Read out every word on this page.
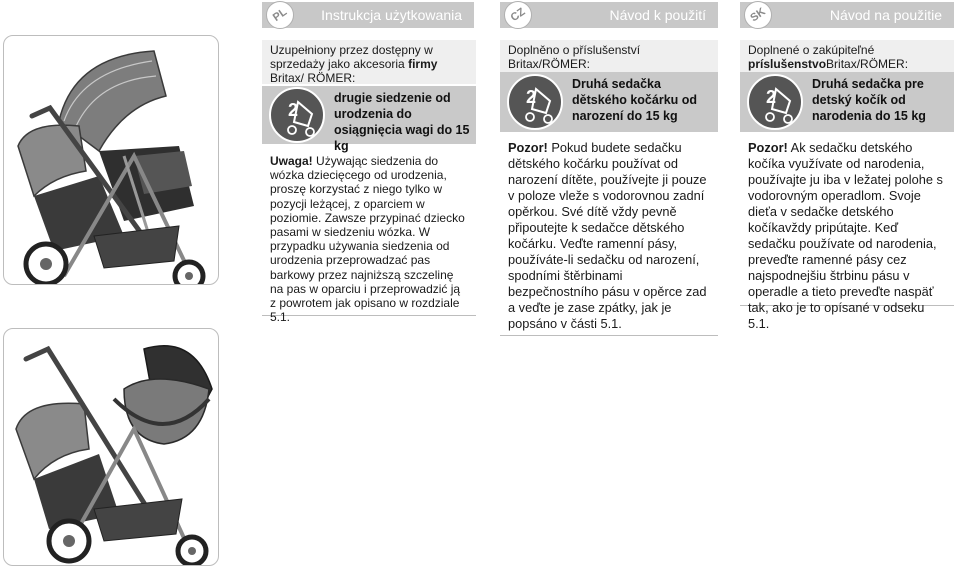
PL	Instrukcja użytkowania	CZ	Návod k použití	SK	Návod na použitie
Uzupełniony przez dostępny w sprzedaży jako akcesoria firmy Britax/ RÖMER:
2
drugie siedzenie od urodzenia do osiągnięcia wagi do 15 kg
Uwaga! Używając siedzenia do wózka dziecięcego od urodzenia, proszę korzystać z niego tylko w pozycji leżącej, z oparciem w poziomie. Zawsze przypinać dziecko pasami w siedzeniu wózka. W przypadku używania siedzenia od urodzenia przeprowadzać pas barkowy przez najniższą szczelinę na pas w oparciu i przeprowadzić ją z powrotem jak opisano w rozdziale 5.1.
Doplněno o příslušenství Britax/RÖMER:
2
Druhá sedačka dětského kočárku od narození do 15 kg
Pozor! Pokud budete sedačku dětského kočárku používat od narození dítěte, používejte ji pouze v poloze vleže s vodorovnou zadní opěrkou. Své dítě vždy pevně připoutejte k sedačce dětského kočárku. Veďte ramenní pásy, používáte-li sedačku od narození, spodními štěrbinami bezpečnostního pásu v opěrce zad a veďte je zase zpátky, jak je popsáno v části 5.1.
Doplnené o zakúpiteľné príslušenstvoBritax/RÖMER:
2
Druhá sedačka pre detský kočík od narodenia do 15 kg
Pozor! Ak sedačku detského kočíka využívate od narodenia, používajte ju iba v ležatej polohe s vodorovným operadlom. Svoje dieťa v sedačke detského kočíkavždy pripútajte. Keď sedačku používate od narodenia, preveďte ramenné pásy cez najspodnejšiu štrbinu pásu v operadle a tieto preveďte naspäť tak, ako je to opísané v odseku 5.1.
